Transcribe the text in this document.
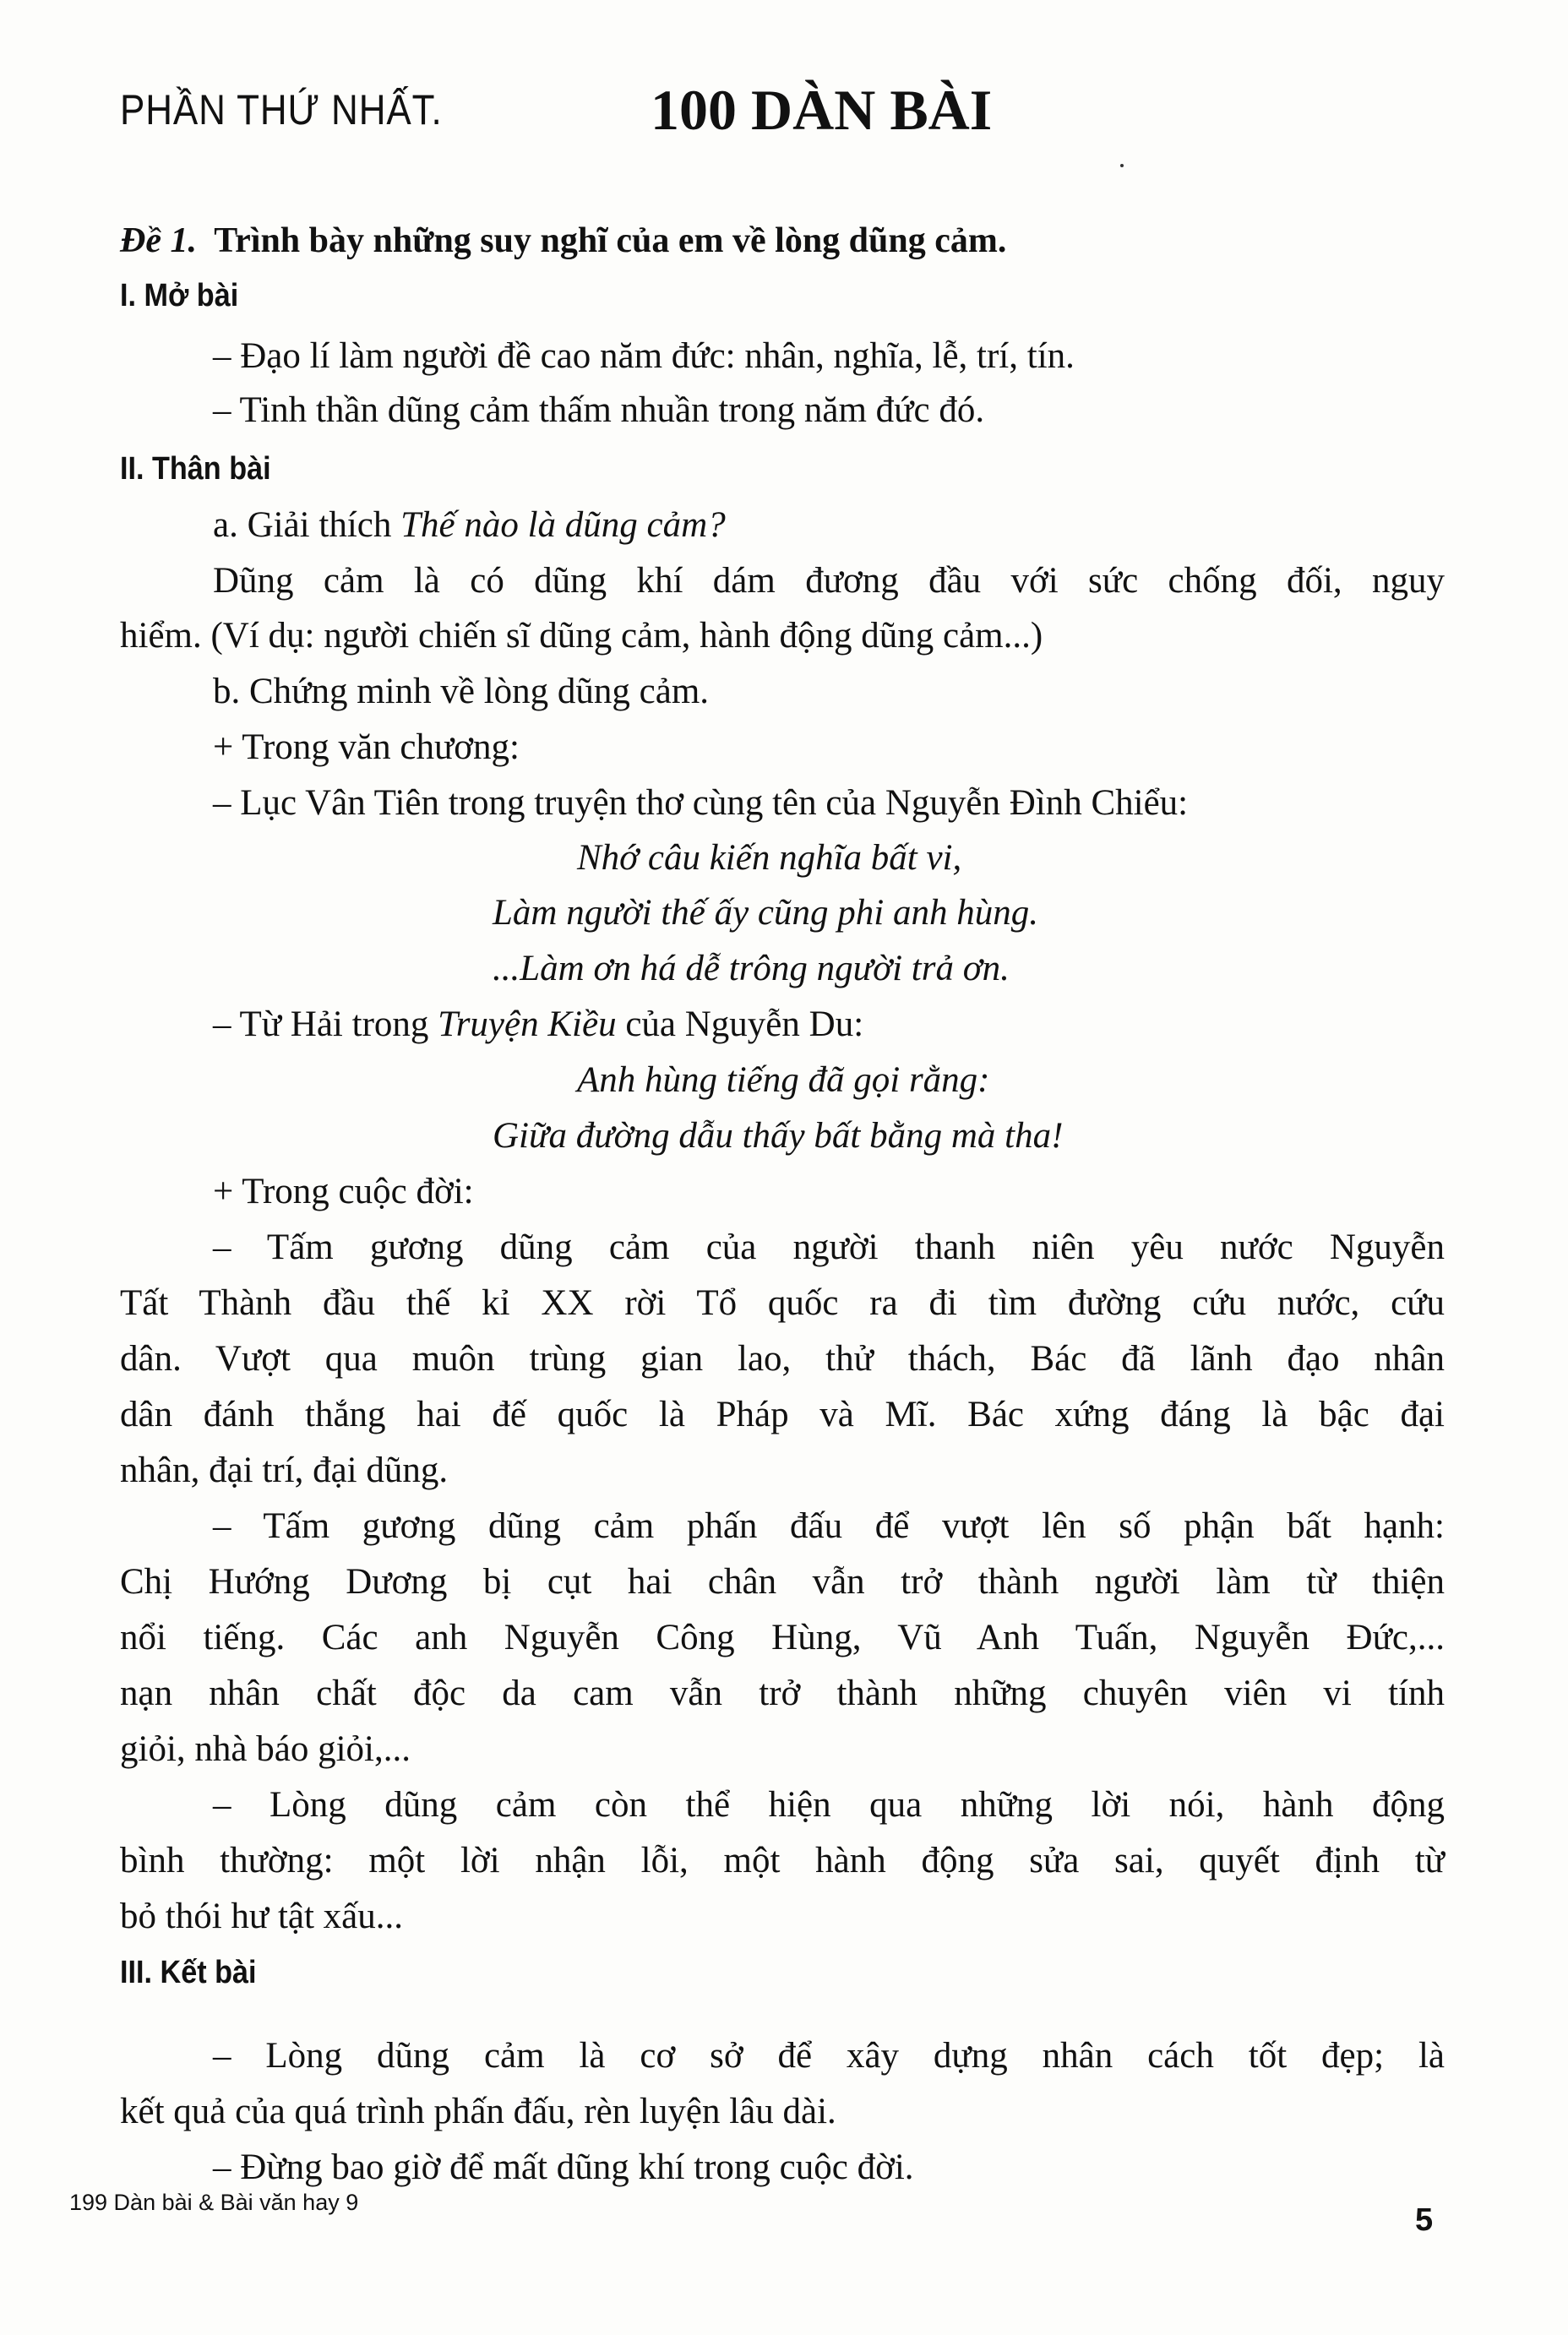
PHẦN THỨ NHẤT.	100 DÀN BÀI
Đề 1. Trình bày những suy nghĩ của em về lòng dũng cảm.
I. Mở bài
– Đạo lí làm người đề cao năm đức: nhân, nghĩa, lễ, trí, tín.
– Tinh thần dũng cảm thấm nhuần trong năm đức đó.
II. Thân bài
a. Giải thích Thế nào là dũng cảm?
Dũng cảm là có dũng khí dám đương đầu với sức chống đối, nguy
hiểm. (Ví dụ: người chiến sĩ dũng cảm, hành động dũng cảm...)
b. Chứng minh về lòng dũng cảm.
+ Trong văn chương:
– Lục Vân Tiên trong truyện thơ cùng tên của Nguyễn Đình Chiểu:
Nhớ câu kiến nghĩa bất vi,
Làm người thế ấy cũng phi anh hùng.
...Làm ơn há dễ trông người trả ơn.
– Từ Hải trong Truyện Kiều của Nguyễn Du:
Anh hùng tiếng đã gọi rằng:
Giữa đường dẫu thấy bất bằng mà tha!
+ Trong cuộc đời:
– Tấm gương dũng cảm của người thanh niên yêu nước Nguyễn
Tất Thành đầu thế kỉ XX rời Tổ quốc ra đi tìm đường cứu nước, cứu
dân. Vượt qua muôn trùng gian lao, thử thách, Bác đã lãnh đạo nhân
dân đánh thắng hai đế quốc là Pháp và Mĩ. Bác xứng đáng là bậc đại
nhân, đại trí, đại dũng.
– Tấm gương dũng cảm phấn đấu để vượt lên số phận bất hạnh:
Chị Hướng Dương bị cụt hai chân vẫn trở thành người làm từ thiện
nổi tiếng. Các anh Nguyễn Công Hùng, Vũ Anh Tuấn, Nguyễn Đức,...
nạn nhân chất độc da cam vẫn trở thành những chuyên viên vi tính
giỏi, nhà báo giỏi,...
– Lòng dũng cảm còn thể hiện qua những lời nói, hành động
bình thường: một lời nhận lỗi, một hành động sửa sai, quyết định từ
bỏ thói hư tật xấu...
III. Kết bài
– Lòng dũng cảm là cơ sở để xây dựng nhân cách tốt đẹp; là
kết quả của quá trình phấn đấu, rèn luyện lâu dài.
– Đừng bao giờ để mất dũng khí trong cuộc đời.
199 Dàn bài & Bài văn hay 9	5
